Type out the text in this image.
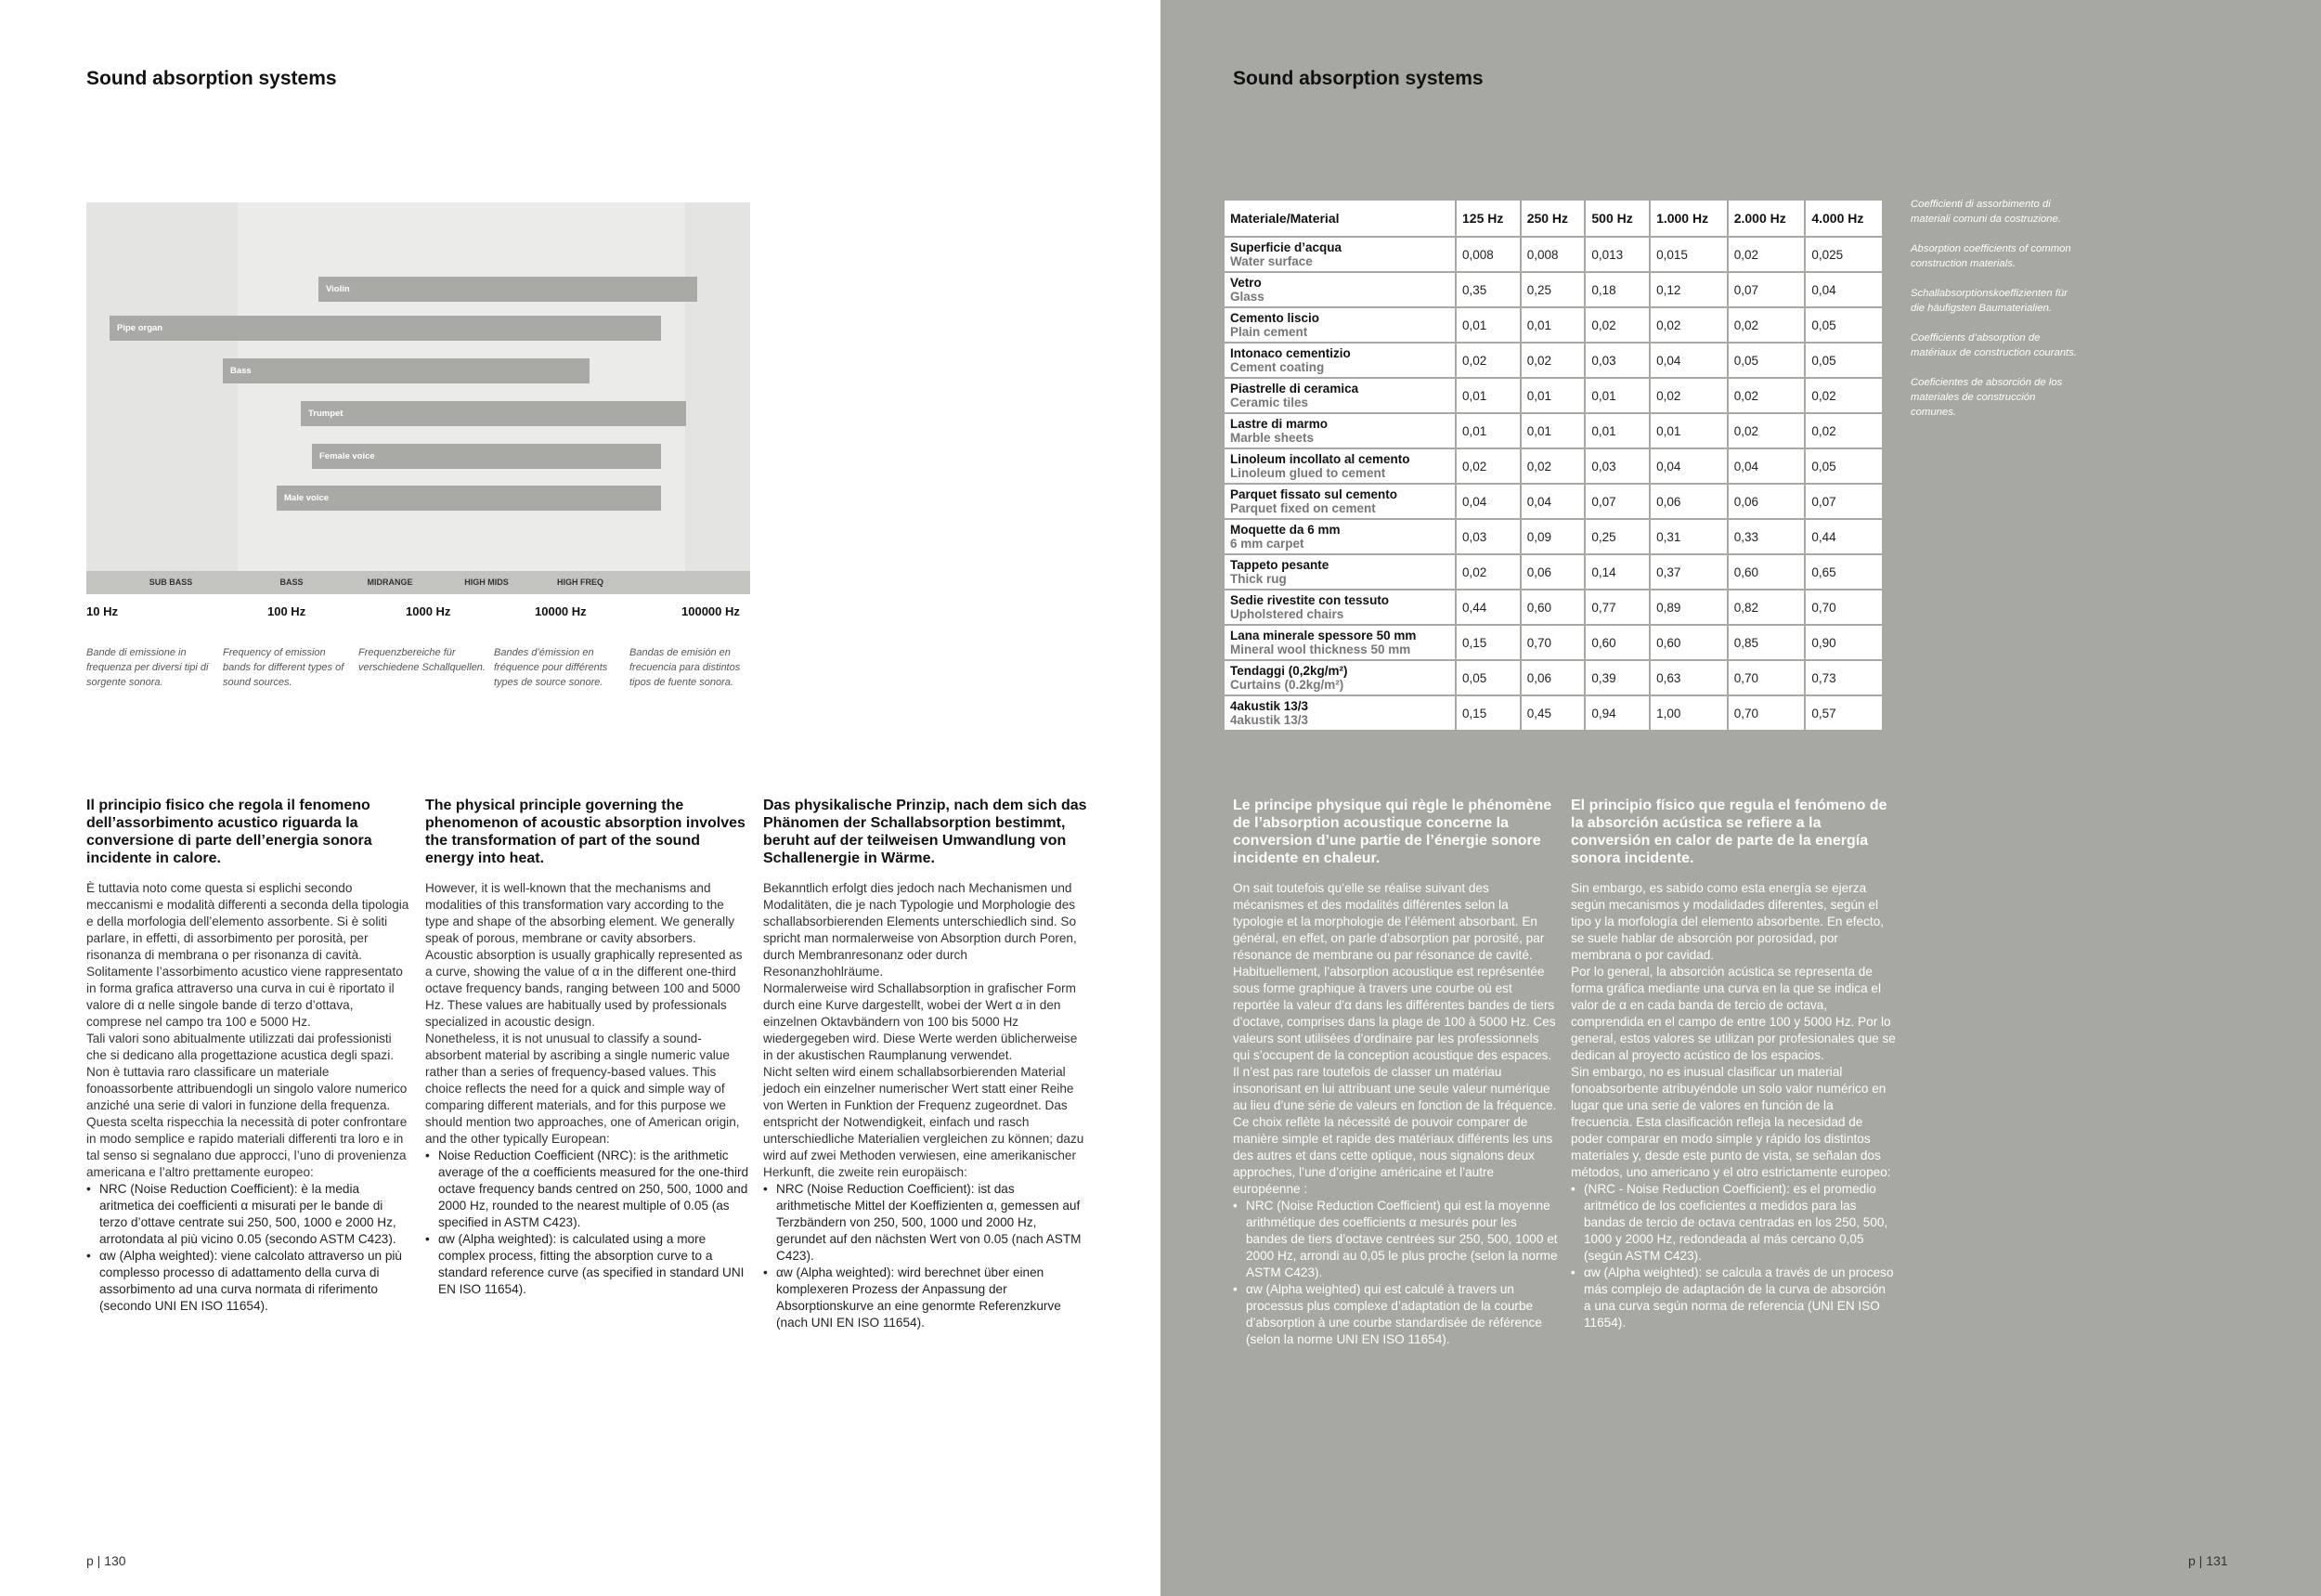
Sound absorption systems
Violin
Pipe organ
Bass
Trumpet
Female voice
Male voice
SUB BASS	BASS	MIDRANGE	HIGH MIDS	HIGH FREQ
10 Hz	100 Hz	1000 Hz	10000 Hz	100000 Hz
Bande di emissione in frequenza per diversi tipi di sorgente sonora.
Frequency of emission bands for different types of sound sources.
Frequenzbereiche für verschiedene Schallquellen.
Bandes d’émission en fréquence pour différents types de source sonore.
Bandas de emisión en frecuencia para distintos tipos de fuente sonora.

Il principio fisico che regola il fenomeno dell’assorbimento acustico riguarda la conversione di parte dell’energia sonora incidente in calore.

È tuttavia noto come questa si esplichi secondo meccanismi e modalità differenti a seconda della tipologia e della morfologia dell’elemento assorbente. Si è soliti parlare, in effetti, di assorbimento per porosità, per risonanza di membrana o per risonanza di cavità.

Solitamente l’assorbimento acustico viene rappresentato in forma grafica attraverso una curva in cui è riportato il valore di α nelle singole bande di terzo d’ottava, comprese nel campo tra 100 e 5000 Hz.

Tali valori sono abitualmente utilizzati dai professionisti che si dedicano alla progettazione acustica degli spazi.

Non è tuttavia raro classificare un materiale fonoassorbente attribuendogli un singolo valore numerico anziché una serie di valori in funzione della frequenza. Questa scelta rispecchia la necessità di poter confrontare in modo semplice e rapido materiali differenti tra loro e in tal senso si segnalano due approcci, l’uno di provenienza americana e l’altro prettamente europeo:

• NRC (Noise Reduction Coefficient): è la media aritmetica dei coefficienti α misurati per le bande di terzo d’ottave centrate sui 250, 500, 1000 e 2000 Hz, arrotondata al più vicino 0.05 (secondo ASTM C423).
• αw (Alpha weighted): viene calcolato attraverso un più complesso processo di adattamento della curva di assorbimento ad una curva normata di riferimento (secondo UNI EN ISO 11654).

The physical principle governing the phenomenon of acoustic absorption involves the transformation of part of the sound energy into heat.

However, it is well-known that the mechanisms and modalities of this transformation vary according to the type and shape of the absorbing element. We generally speak of porous, membrane or cavity absorbers.

Acoustic absorption is usually graphically represented as a curve, showing the value of α in the different one-third octave frequency bands, ranging between 100 and 5000 Hz. These values are habitually used by professionals specialized in acoustic design.

Nonetheless, it is not unusual to classify a sound-absorbent material by ascribing a single numeric value rather than a series of frequency-based values. This choice reflects the need for a quick and simple way of comparing different materials, and for this purpose we should mention two approaches, one of American origin, and the other typically European:

• Noise Reduction Coefficient (NRC): is the arithmetic average of the α coefficients measured for the one-third octave frequency bands centred on 250, 500, 1000 and 2000 Hz, rounded to the nearest multiple of 0.05 (as specified in ASTM C423).
• αw (Alpha weighted): is calculated using a more complex process, fitting the absorption curve to a standard reference curve (as specified in standard UNI EN ISO 11654).

Das physikalische Prinzip, nach dem sich das Phänomen der Schallabsorption bestimmt, beruht auf der teilweisen Umwandlung von Schallenergie in Wärme.

Bekanntlich erfolgt dies jedoch nach Mechanismen und Modalitäten, die je nach Typologie und Morphologie des schallabsorbierenden Elements unterschiedlich sind. So spricht man normalerweise von Absorption durch Poren, durch Membranresonanz oder durch Resonanzhohlräume.

Normalerweise wird Schallabsorption in grafischer Form durch eine Kurve dargestellt, wobei der Wert α in den einzelnen Oktavbändern von 100 bis 5000 Hz wiedergegeben wird. Diese Werte werden üblicherweise in der akustischen Raumplanung verwendet.

Nicht selten wird einem schallabsorbierenden Material jedoch ein einzelner numerischer Wert statt einer Reihe von Werten in Funktion der Frequenz zugeordnet. Das entspricht der Notwendigkeit, einfach und rasch unterschiedliche Materialien vergleichen zu können; dazu wird auf zwei Methoden verwiesen, eine amerikanischer Herkunft, die zweite rein europäisch:

• NRC (Noise Reduction Coefficient): ist das arithmetische Mittel der Koeffizienten α, gemessen auf Terzbändern von 250, 500, 1000 und 2000 Hz, gerundet auf den nächsten Wert von 0.05 (nach ASTM C423).
• αw (Alpha weighted): wird berechnet über einen komplexeren Prozess der Anpassung der Absorptionskurve an eine genormte Referenzkurve (nach UNI EN ISO 11654).
p | 130
Sound absorption systems

Le principe physique qui règle le phénomène de l’absorption acoustique concerne la conversion d’une partie de l’énergie sonore incidente en chaleur.

On sait toutefois qu’elle se réalise suivant des mécanismes et des modalités différentes selon la typologie et la morphologie de l’élément absorbant. En général, en effet, on parle d’absorption par porosité, par résonance de membrane ou par résonance de cavité.

Habituellement, l’absorption acoustique est représentée sous forme graphique à travers une courbe où est reportée la valeur d’α dans les différentes bandes de tiers d’octave, comprises dans la plage de 100 à 5000 Hz. Ces valeurs sont utilisées d’ordinaire par les professionnels qui s’occupent de la conception acoustique des espaces.

Il n’est pas rare toutefois de classer un matériau insonorisant en lui attribuant une seule valeur numérique au lieu d’une série de valeurs en fonction de la fréquence. Ce choix reflète la nécessité de pouvoir comparer de manière simple et rapide des matériaux différents les uns des autres et dans cette optique, nous signalons deux approches, l’une d’origine américaine et l’autre européenne :

• NRC (Noise Reduction Coefficient) qui est la moyenne arithmétique des coefficients α mesurés pour les bandes de tiers d’octave centrées sur 250, 500, 1000 et 2000 Hz, arrondi au 0,05 le plus proche (selon la norme ASTM C423).
• αw (Alpha weighted) qui est calculé à travers un processus plus complexe d’adaptation de la courbe d’absorption à une courbe standardisée de référence (selon la norme UNI EN ISO 11654).

El principio físico que regula el fenómeno de la absorción acústica se refiere a la conversión en calor de parte de la energía sonora incidente.

Sin embargo, es sabido como esta energía se ejerza según mecanismos y modalidades diferentes, según el tipo y la morfología del elemento absorbente. En efecto, se suele hablar de absorción por porosidad, por membrana o por cavidad.

Por lo general, la absorción acústica se representa de forma gráfica mediante una curva en la que se indica el valor de α en cada banda de tercio de octava, comprendida en el campo de entre 100 y 5000 Hz. Por lo general, estos valores se utilizan por profesionales que se dedican al proyecto acústico de los espacios.

Sin embargo, no es inusual clasificar un material fonoabsorbente atribuyéndole un solo valor numérico en lugar que una serie de valores en función de la frecuencia. Esta clasificación refleja la necesidad de poder comparar en modo simple y rápido los distintos materiales y, desde este punto de vista, se señalan dos métodos, uno americano y el otro estrictamente europeo:

• (NRC - Noise Reduction Coefficient): es el promedio aritmético de los coeficientes α medidos para las bandas de tercio de octava centradas en los 250, 500, 1000 y 2000 Hz, redondeada al más cercano 0,05 (según ASTM C423).
• αw (Alpha weighted): se calcula a través de un proceso más complejo de adaptación de la curva de absorción a una curva según norma de referencia (UNI EN ISO 11654).
p | 131
Materiale/Material	125 Hz	250 Hz	500 Hz	1.000 Hz	2.000 Hz	4.000 Hz

Superficie d’acqua
Water surface	0,008	0,008	0,013	0,015	0,02	0,025

Vetro
Glass	0,35	0,25	0,18	0,12	0,07	0,04

Cemento liscio
Plain cement	0,01	0,01	0,02	0,02	0,02	0,05

Intonaco cementizio
Cement coating	0,02	0,02	0,03	0,04	0,05	0,05

Piastrelle di ceramica
Ceramic tiles	0,01	0,01	0,01	0,02	0,02	0,02

Lastre di marmo
Marble sheets	0,01	0,01	0,01	0,01	0,02	0,02

Linoleum incollato al cemento
Linoleum glued to cement	0,02	0,02	0,03	0,04	0,04	0,05

Parquet fissato sul cemento
Parquet fixed on cement	0,04	0,04	0,07	0,06	0,06	0,07

Moquette da 6 mm
6 mm carpet	0,03	0,09	0,25	0,31	0,33	0,44

Tappeto pesante
Thick rug	0,02	0,06	0,14	0,37	0,60	0,65

Sedie rivestite con tessuto
Upholstered chairs	0,44	0,60	0,77	0,89	0,82	0,70

Lana minerale spessore 50 mm
Mineral wool thickness 50 mm	0,15	0,70	0,60	0,60	0,85	0,90

Tendaggi (0,2kg/m²)
Curtains (0.2kg/m²)	0,05	0,06	0,39	0,63	0,70	0,73

4akustik 13/3
4akustik 13/3	0,15	0,45	0,94	1,00	0,70	0,57

Coefficienti di assorbimento di materiali comuni da costruzione.

Absorption coefficients of common construction materials.

Schallabsorptionskoeffizienten für die häufigsten Baumaterialien.

Coefficients d’absorption de matériaux de construction courants.

Coeficientes de absorción de los materiales de construcción comunes.
